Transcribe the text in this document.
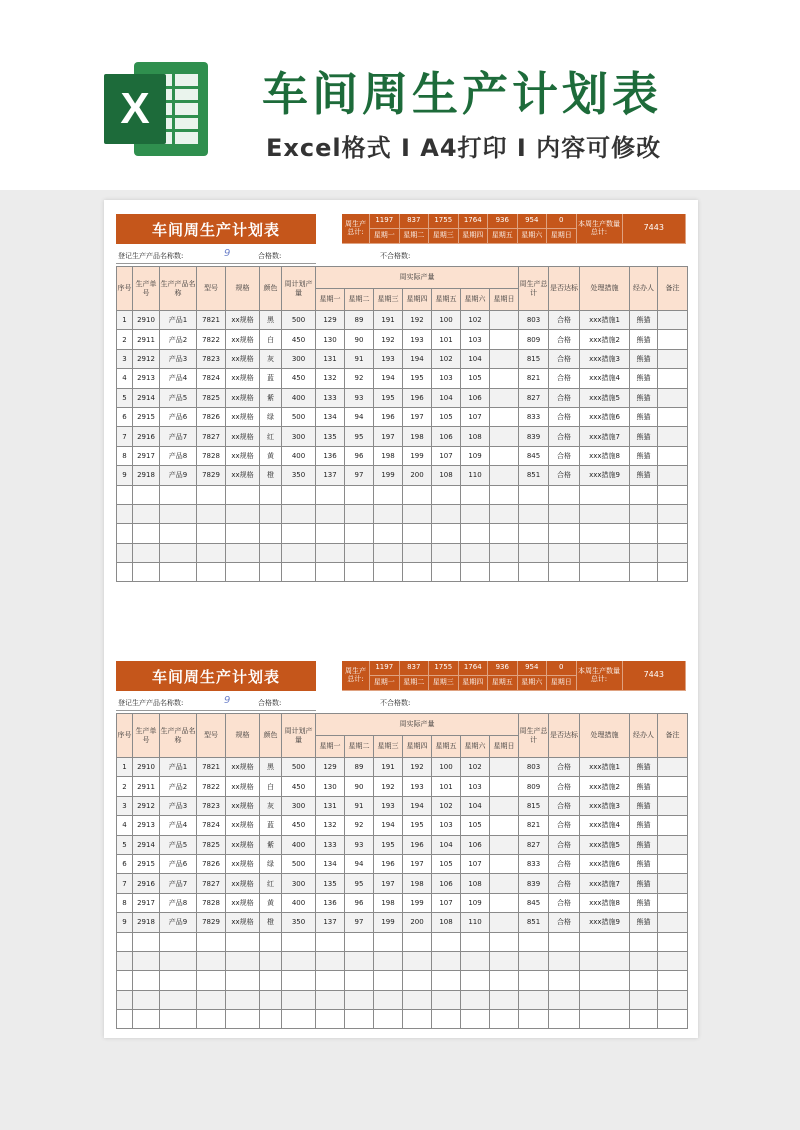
X	车间周生产计划表
Excel格式 I A4打印 I 内容可修改
车间周生产计划表	周生产总计:
1197	837	1755	1764	936	954	0	本周生产数量总计:	7443
星期一	星期二	星期三	星期四	星期五	星期六	星期日
登记生产产品名称数:	9	合格数:	不合格数:
序号	生产单号	生产产品名称	型号	规格	颜色	周计划产量	周实际产量							周生产总计	是否达标	处理措施	经办人	备注
							星期一	星期二	星期三	星期四	星期五	星期六	星期日					
1	2910	产品1	7821	xx规格	黑	500	129	89	191	192	100	102		803	合格	xxx措施1	熊猫	
2	2911	产品2	7822	xx规格	白	450	130	90	192	193	101	103		809	合格	xxx措施2	熊猫	
3	2912	产品3	7823	xx规格	灰	300	131	91	193	194	102	104		815	合格	xxx措施3	熊猫	
4	2913	产品4	7824	xx规格	蓝	450	132	92	194	195	103	105		821	合格	xxx措施4	熊猫	
5	2914	产品5	7825	xx规格	紫	400	133	93	195	196	104	106		827	合格	xxx措施5	熊猫	
6	2915	产品6	7826	xx规格	绿	500	134	94	196	197	105	107		833	合格	xxx措施6	熊猫	
7	2916	产品7	7827	xx规格	红	300	135	95	197	198	106	108		839	合格	xxx措施7	熊猫	
8	2917	产品8	7828	xx规格	黄	400	136	96	198	199	107	109		845	合格	xxx措施8	熊猫	
9	2918	产品9	7829	xx规格	橙	350	137	97	199	200	108	110		851	合格	xxx措施9	熊猫	

车间周生产计划表	周生产总计:
1197	837	1755	1764	936	954	0	本周生产数量总计:	7443
星期一	星期二	星期三	星期四	星期五	星期六	星期日
登记生产产品名称数:	9	合格数:	不合格数:
序号	生产单号	生产产品名称	型号	规格	颜色	周计划产量	周实际产量							周生产总计	是否达标	处理措施	经办人	备注
							星期一	星期二	星期三	星期四	星期五	星期六	星期日					
1	2910	产品1	7821	xx规格	黑	500	129	89	191	192	100	102		803	合格	xxx措施1	熊猫	
2	2911	产品2	7822	xx规格	白	450	130	90	192	193	101	103		809	合格	xxx措施2	熊猫	
3	2912	产品3	7823	xx规格	灰	300	131	91	193	194	102	104		815	合格	xxx措施3	熊猫	
4	2913	产品4	7824	xx规格	蓝	450	132	92	194	195	103	105		821	合格	xxx措施4	熊猫	
5	2914	产品5	7825	xx规格	紫	400	133	93	195	196	104	106		827	合格	xxx措施5	熊猫	
6	2915	产品6	7826	xx规格	绿	500	134	94	196	197	105	107		833	合格	xxx措施6	熊猫	
7	2916	产品7	7827	xx规格	红	300	135	95	197	198	106	108		839	合格	xxx措施7	熊猫	
8	2917	产品8	7828	xx规格	黄	400	136	96	198	199	107	109		845	合格	xxx措施8	熊猫	
9	2918	产品9	7829	xx规格	橙	350	137	97	199	200	108	110		851	合格	xxx措施9	熊猫	
